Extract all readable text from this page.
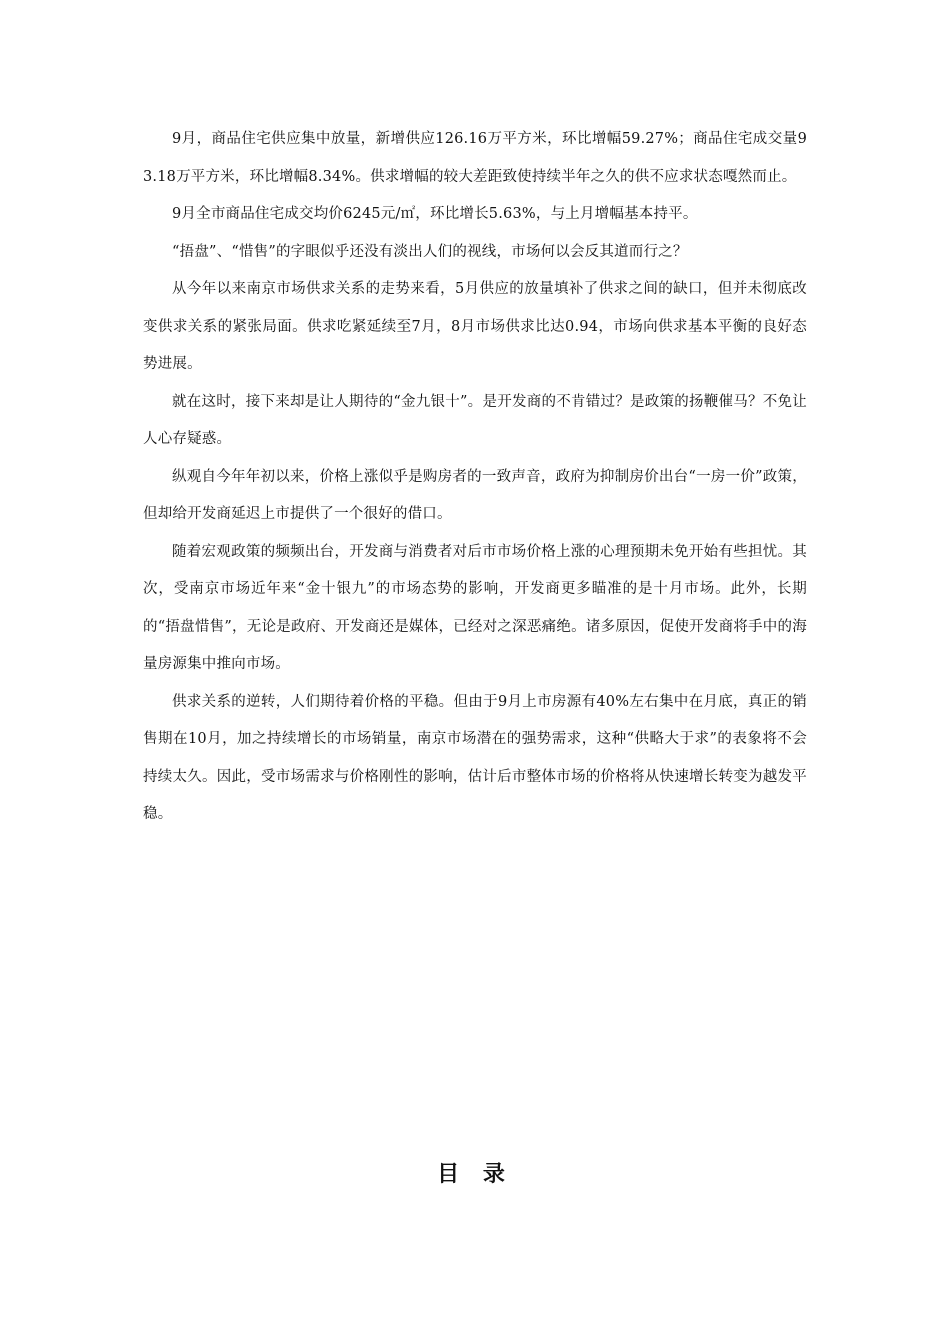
9月，商品住宅供应集中放量，新增供应126.16万平方米，环比增幅59.27%；商品住宅成交量93.18万平方米，环比增幅8.34%。供求增幅的较大差距致使持续半年之久的供不应求状态嘎然而止。

9月全市商品住宅成交均价6245元/㎡，环比增长5.63%，与上月增幅基本持平。

“捂盘”、“惜售”的字眼似乎还没有淡出人们的视线，市场何以会反其道而行之？

从今年以来南京市场供求关系的走势来看，5月供应的放量填补了供求之间的缺口，但并未彻底改变供求关系的紧张局面。供求吃紧延续至7月，8月市场供求比达0.94，市场向供求基本平衡的良好态势进展。

就在这时，接下来却是让人期待的“金九银十”。是开发商的不肯错过？是政策的扬鞭催马？不免让人心存疑惑。

纵观自今年年初以来，价格上涨似乎是购房者的一致声音，政府为抑制房价出台“一房一价”政策，但却给开发商延迟上市提供了一个很好的借口。

随着宏观政策的频频出台，开发商与消费者对后市市场价格上涨的心理预期未免开始有些担忧。其次，受南京市场近年来“金十银九”的市场态势的影响，开发商更多瞄准的是十月市场。此外，长期的“捂盘惜售”，无论是政府、开发商还是媒体，已经对之深恶痛绝。诸多原因，促使开发商将手中的海量房源集中推向市场。

供求关系的逆转，人们期待着价格的平稳。但由于9月上市房源有40%左右集中在月底，真正的销售期在10月，加之持续增长的市场销量，南京市场潜在的强势需求，这种“供略大于求”的表象将不会持续太久。因此，受市场需求与价格刚性的影响，估计后市整体市场的价格将从快速增长转变为越发平稳。

目 录
